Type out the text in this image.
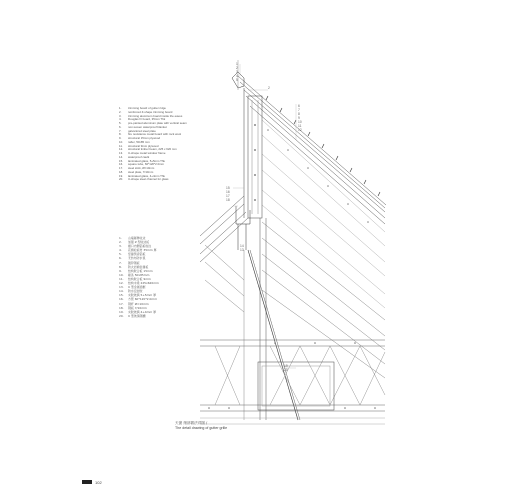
1.	trimming board of gutter ridge
2.	reinforced Z-shape trimming board
3.	trimming aluminum board inside the eaves
4.	Douglas fir board, 35mm Thk
5.	pre-painted aluminum plate with vertical seam
6.	non-woven waterproof blanket
7.	galvanized steel plate
8.	fire resistance metal board with rock wool
9.	structural 15mm plywood
10.	rafter, 50x85 mm
11.	structural 9mm plywood
12.	structural timber beam, 225 x 620 mm
13.	U-shape metal window frame
14.	waterproof caulk
15.	laminated glass, 5+5mm Thk
16.	square tube, 60*120*2.0mm
17.	steel stick, Ø=10mm
18.	steel plate, 7/10mm
19.	laminated glass, 4+4mm Thk
20.	U-shape steel channel for glass
1.	山墙屋脊收边
2.	加强 Z 型收边板
3.	檐口内侧铝板收边
4.	花旗松板材 35mm 厚
5.	竖缝预涂铝板
6.	无纺布防水毯
7.	镀锌钢板
8.	防火岩棉金属板
9.	结构胶合板 15mm
10.	椽条 50x85mm
11.	结构胶合板 9mm
12.	结构木梁 225x620mm
13.	U 型金属窗框
14.	防水密封胶
15.	夹胶玻璃 5+5mm 厚
16.	方管 60*120*2.0mm
17.	钢杆 Ø=10mm
18.	钢板 7/10mm
19.	夹胶玻璃 4+4mm 厚
20.	U 型玻璃钢槽
1
2
3
4
5
2
6
7
8
9
10
11
12
15
16
17
18
14
13
19
20
天窗 细部做法详图 /
The detail drawing of gutter grille
102
